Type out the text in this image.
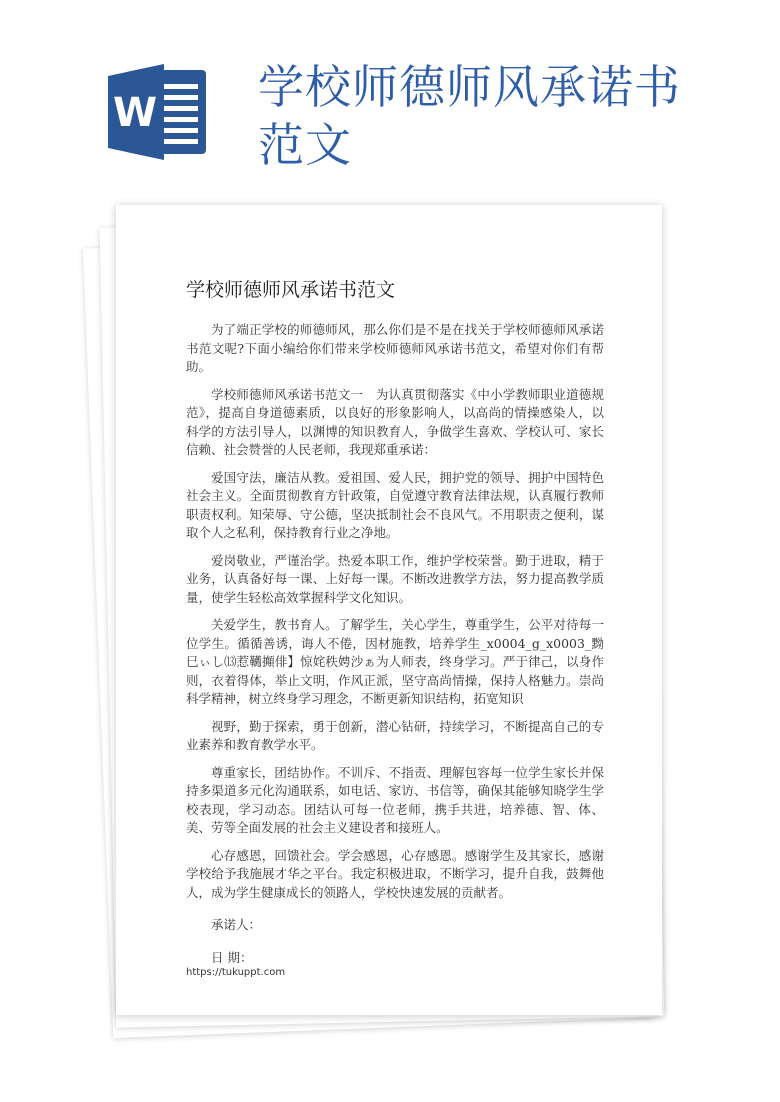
W 学校师德师风承诺书范文
学校师德师风承诺书范文

为了端正学校的师德师风，那么你们是不是在找关于学校师德师风承诺书范文呢?下面小编给你们带来学校师德师风承诺书范文，希望对你们有帮助。

学校师德师风承诺书范文一　为认真贯彻落实《中小学教师职业道德规范》，提高自身道德素质，以良好的形象影响人，以高尚的情操感染人，以科学的方法引导人，以渊博的知识教育人，争做学生喜欢、学校认可、家长信赖、社会赞誉的人民老师，我现郑重承诺：

爱国守法，廉洁从教。爱祖国、爱人民，拥护党的领导、拥护中国特色社会主义。全面贯彻教育方针政策，自觉遵守教育法律法规，认真履行教师职责权利。知荣辱、守公德，坚决抵制社会不良风气。不用职责之便利，谋取个人之私利，保持教育行业之净地。

爱岗敬业，严谨治学。热爱本职工作，维护学校荣誉。勤于进取，精于业务，认真备好每一课、上好每一课。不断改进教学方法，努力提高教学质量，使学生轻松高效掌握科学文化知识。

关爱学生，教书育人。了解学生，关心学生，尊重学生，公平对待每一位学生。循循善诱，诲人不倦，因材施教，培养学生_x0004_g_x0003_黝巳ぃし⒀惹韉攧俳】惊姹秩娉沙ぁ为人师表，终身学习。严于律己，以身作则，衣着得体，举止文明，作风正派，坚守高尚情操，保持人格魅力。崇尚科学精神，树立终身学习理念，不断更新知识结构，拓宽知识

视野，勤于探索，勇于创新，潜心钻研，持续学习，不断提高自己的专业素养和教育教学水平。

尊重家长，团结协作。不训斥、不指责、理解包容每一位学生家长并保持多渠道多元化沟通联系，如电话、家访、书信等，确保其能够知晓学生学校表现，学习动态。团结认可每一位老师，携手共进，培养德、智、体、美、劳等全面发展的社会主义建设者和接班人。

心存感恩，回馈社会。学会感恩，心存感恩。感谢学生及其家长，感谢学校给予我施展才华之平台。我定积极进取，不断学习，提升自我，鼓舞他人，成为学生健康成长的领路人，学校快速发展的贡献者。

承诺人：
日 期：
https://tukuppt.com
